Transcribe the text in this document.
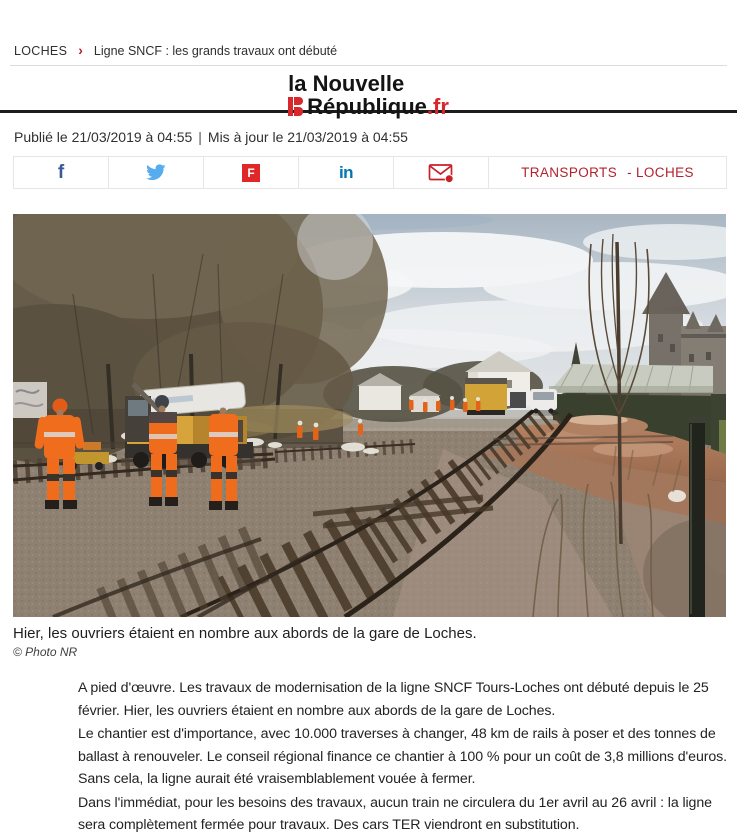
LOCHES › Ligne SNCF : les grands travaux ont débuté
la Nouvelle
République .fr
Publié le 21/03/2019 à 04:55 | Mis à jour le 21/03/2019 à 04:55
f	F	in	TRANSPORTS - LOCHES
Hier, les ouvriers étaient en nombre aux abords de la gare de Loches.
© Photo NR

A pied d'œuvre. Les travaux de modernisation de la ligne SNCF Tours-Loches ont débuté depuis le 25 février. Hier, les ouvriers étaient en nombre aux abords de la gare de Loches.

Le chantier est d'importance, avec 10.000 traverses à changer, 48 km de rails à poser et des tonnes de ballast à renouveler. Le conseil régional finance ce chantier à 100 % pour un coût de 3,8 millions d'euros. Sans cela, la ligne aurait été vraisemblablement vouée à fermer.

Dans l'immédiat, pour les besoins des travaux, aucun train ne circulera du 1er avril au 26 avril : la ligne sera complètement fermée pour travaux. Des cars TER viendront en substitution.
